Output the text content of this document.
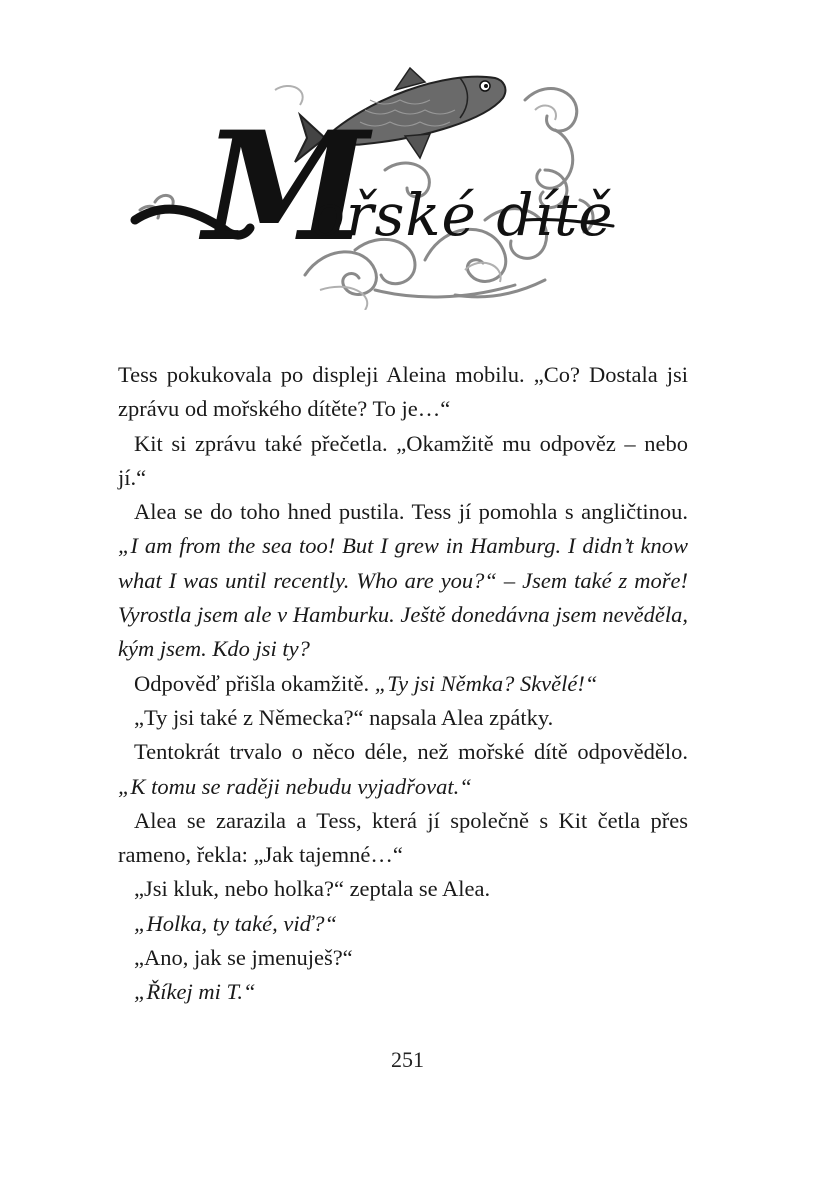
M
ořské dítě

Tess pokukovala po displeji Aleina mobilu. „Co? Dostala jsi zprávu od mořského dítěte? To je…“

Kit si zprávu také přečetla. „Okamžitě mu odpověz – nebo jí.“

Alea se do toho hned pustila. Tess jí pomohla s angličtinou. „I am from the sea too! But I grew in Hamburg. I didn’t know what I was until recently. Who are you?“ – Jsem také z moře! Vyrostla jsem ale v Hamburku. Ještě donedávna jsem nevěděla, kým jsem. Kdo jsi ty?

Odpověď přišla okamžitě. „Ty jsi Němka? Skvělé!“

„Ty jsi také z Německa?“ napsala Alea zpátky.

Tentokrát trvalo o něco déle, než mořské dítě odpovědělo. „K tomu se raději nebudu vyjadřovat.“

Alea se zarazila a Tess, která jí společně s Kit četla přes rameno, řekla: „Jak tajemné…“

„Jsi kluk, nebo holka?“ zeptala se Alea.

„Holka, ty také, viď?“

„Ano, jak se jmenuješ?“

„Říkej mi T.“

251
